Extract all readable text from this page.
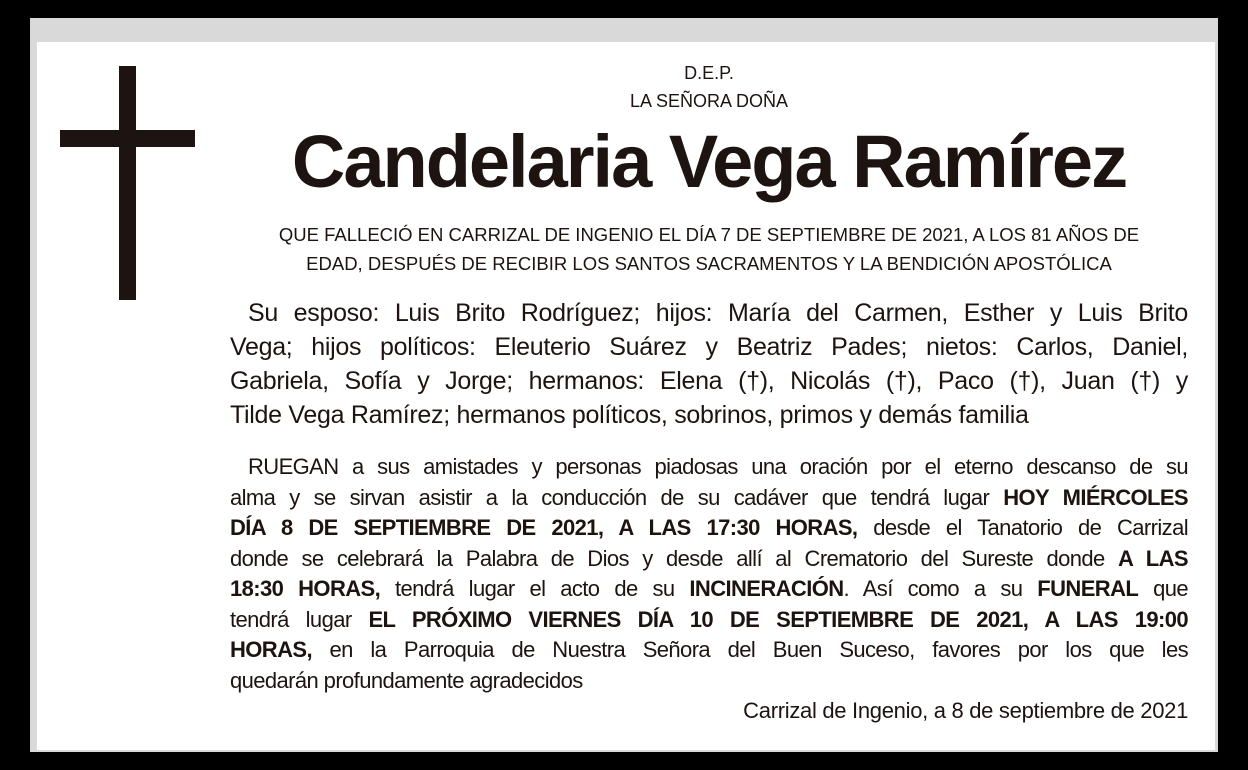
D.E.P.
LA SEÑORA DOÑA
Candelaria Vega Ramírez
QUE FALLECIÓ EN CARRIZAL DE INGENIO EL DÍA 7 DE SEPTIEMBRE DE 2021, A LOS 81 AÑOS DE
EDAD, DESPUÉS DE RECIBIR LOS SANTOS SACRAMENTOS Y LA BENDICIÓN APOSTÓLICA
Su esposo: Luis Brito Rodríguez; hijos: María del Carmen, Esther y Luis Brito
Vega; hijos políticos: Eleuterio Suárez y Beatriz Pades; nietos: Carlos, Daniel,
Gabriela, Sofía y Jorge; hermanos: Elena (†), Nicolás (†), Paco (†), Juan (†) y
Tilde Vega Ramírez; hermanos políticos, sobrinos, primos y demás familia
RUEGAN a sus amistades y personas piadosas una oración por el eterno descanso de su
alma y se sirvan asistir a la conducción de su cadáver que tendrá lugar HOY MIÉRCOLES
DÍA 8 DE SEPTIEMBRE DE 2021, A LAS 17:30 HORAS, desde el Tanatorio de Carrizal
donde se celebrará la Palabra de Dios y desde allí al Crematorio del Sureste donde A LAS
18:30 HORAS, tendrá lugar el acto de su INCINERACIÓN. Así como a su FUNERAL que
tendrá lugar EL PRÓXIMO VIERNES DÍA 10 DE SEPTIEMBRE DE 2021, A LAS 19:00
HORAS, en la Parroquia de Nuestra Señora del Buen Suceso, favores por los que les
quedarán profundamente agradecidos
Carrizal de Ingenio, a 8 de septiembre de 2021
